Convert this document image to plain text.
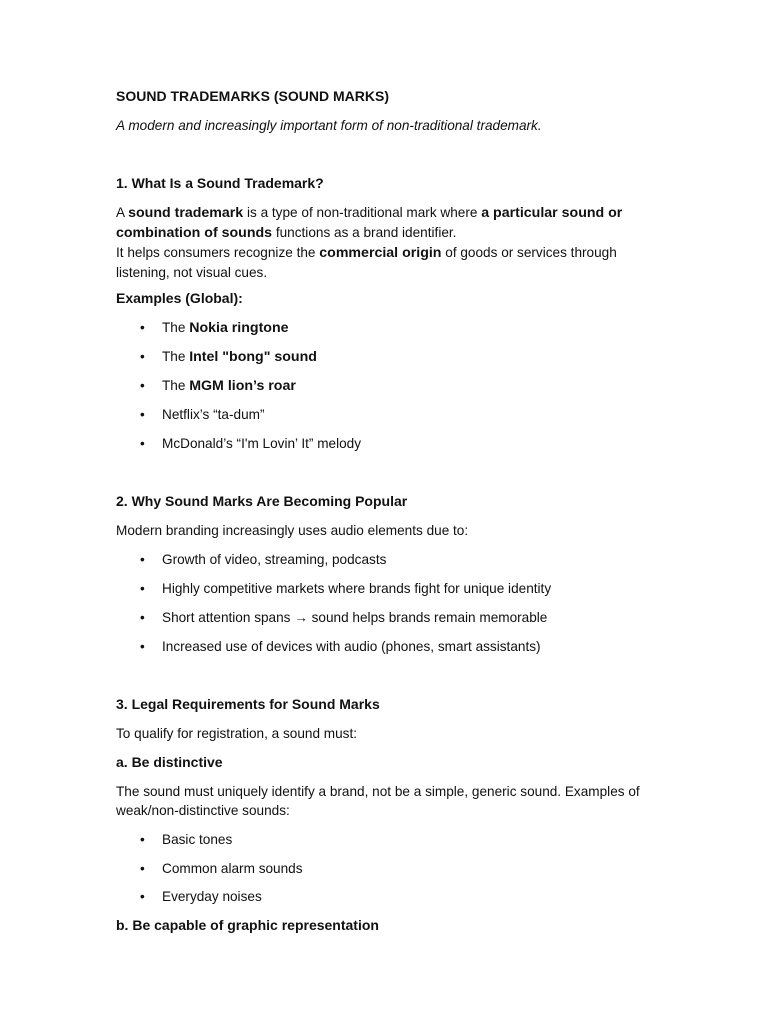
SOUND TRADEMARKS (SOUND MARKS)

A modern and increasingly important form of non-traditional trademark.

1. What Is a Sound Trademark?

A sound trademark is a type of non-traditional mark where a particular sound or
combination of sounds functions as a brand identifier.
It helps consumers recognize the commercial origin of goods or services through
listening, not visual cues.

Examples (Global):

• The Nokia ringtone
• The Intel "bong" sound
• The MGM lion’s roar
• Netflix’s “ta-dum”
• McDonald’s “I'm Lovin’ It” melody

2. Why Sound Marks Are Becoming Popular

Modern branding increasingly uses audio elements due to:

• Growth of video, streaming, podcasts
• Highly competitive markets where brands fight for unique identity
• Short attention spans → sound helps brands remain memorable
• Increased use of devices with audio (phones, smart assistants)

3. Legal Requirements for Sound Marks

To qualify for registration, a sound must:

a. Be distinctive

The sound must uniquely identify a brand, not be a simple, generic sound. Examples of
weak/non-distinctive sounds:

• Basic tones
• Common alarm sounds
• Everyday noises

b. Be capable of graphic representation
